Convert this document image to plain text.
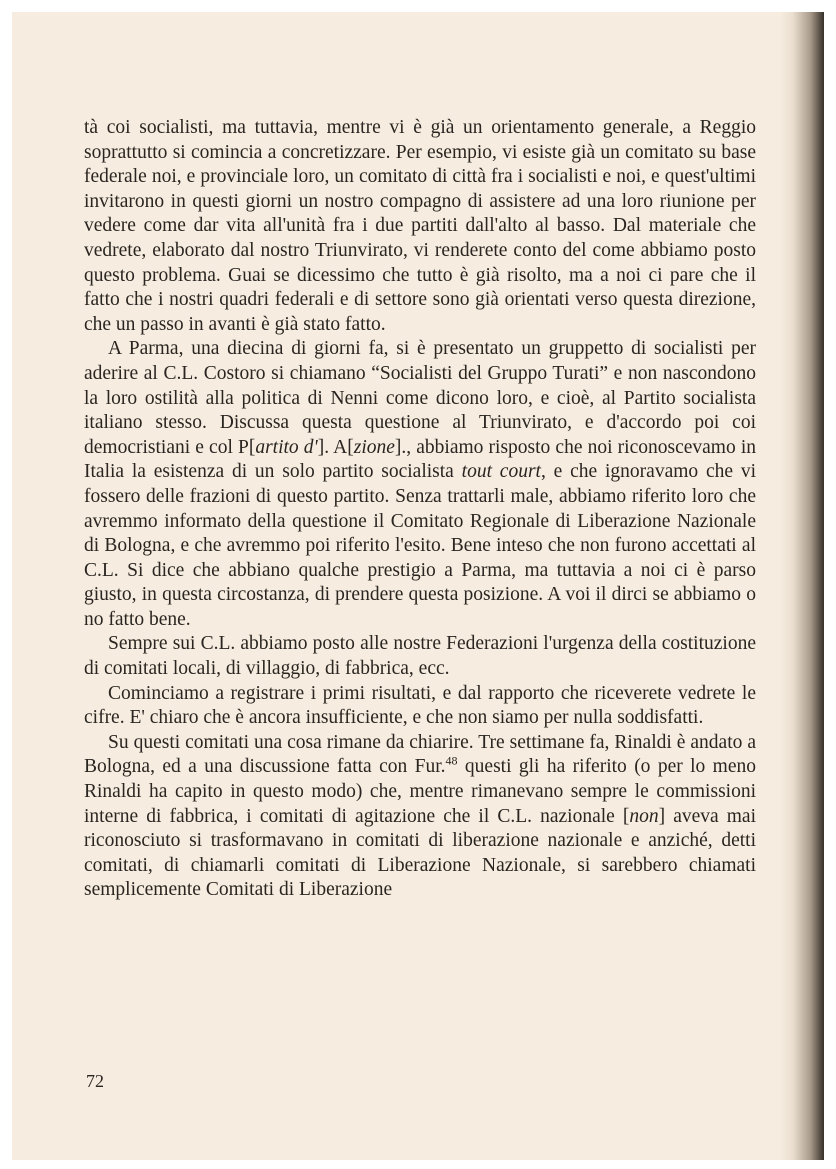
tà coi socialisti, ma tuttavia, mentre vi è già un orientamento generale, a Reggio soprattutto si comincia a concretizzare. Per esempio, vi esiste già un comitato su base federale noi, e provinciale loro, un comitato di città fra i socialisti e noi, e quest'ultimi invitarono in questi giorni un nostro compagno di assistere ad una loro riunione per vedere come dar vita all'unità fra i due partiti dall'alto al basso. Dal materiale che vedrete, elaborato dal nostro Triunvirato, vi renderete conto del come abbiamo posto questo problema. Guai se dicessimo che tutto è già risolto, ma a noi ci pare che il fatto che i nostri quadri federali e di settore sono già orientati verso questa direzione, che un passo in avanti è già stato fatto.

A Parma, una diecina di giorni fa, si è presentato un gruppetto di socialisti per aderire al C.L. Costoro si chiamano “Socialisti del Gruppo Turati” e non nascondono la loro ostilità alla politica di Nenni come dicono loro, e cioè, al Partito socialista italiano stesso. Discussa questa questione al Triunvirato, e d'accordo poi coi democristiani e col P[artito d']. A[zione]., abbiamo risposto che noi riconoscevamo in Italia la esistenza di un solo partito socialista tout court, e che ignoravamo che vi fossero delle frazioni di questo partito. Senza trattarli male, abbiamo riferito loro che avremmo informato della questione il Comitato Regionale di Liberazione Nazionale di Bologna, e che avremmo poi riferito l'esito. Bene inteso che non furono accettati al C.L. Si dice che abbiano qualche prestigio a Parma, ma tuttavia a noi ci è parso giusto, in questa circostanza, di prendere questa posizione. A voi il dirci se abbiamo o no fatto bene.

Sempre sui C.L. abbiamo posto alle nostre Federazioni l'urgenza della costituzione di comitati locali, di villaggio, di fabbrica, ecc.

Cominciamo a registrare i primi risultati, e dal rapporto che riceverete vedrete le cifre. E' chiaro che è ancora insufficiente, e che non siamo per nulla soddisfatti.

Su questi comitati una cosa rimane da chiarire. Tre settimane fa, Rinaldi è andato a Bologna, ed a una discussione fatta con Fur.$^{48}$ questi gli ha riferito (o per lo meno Rinaldi ha capito in questo modo) che, mentre rimanevano sempre le commissioni interne di fabbrica, i comitati di agitazione che il C.L. nazionale [non] aveva mai riconosciuto si trasformavano in comitati di liberazione nazionale e anziché, detti comitati, di chiamarli comitati di Liberazione Nazionale, si sarebbero chiamati semplicemente Comitati di Liberazione

72
